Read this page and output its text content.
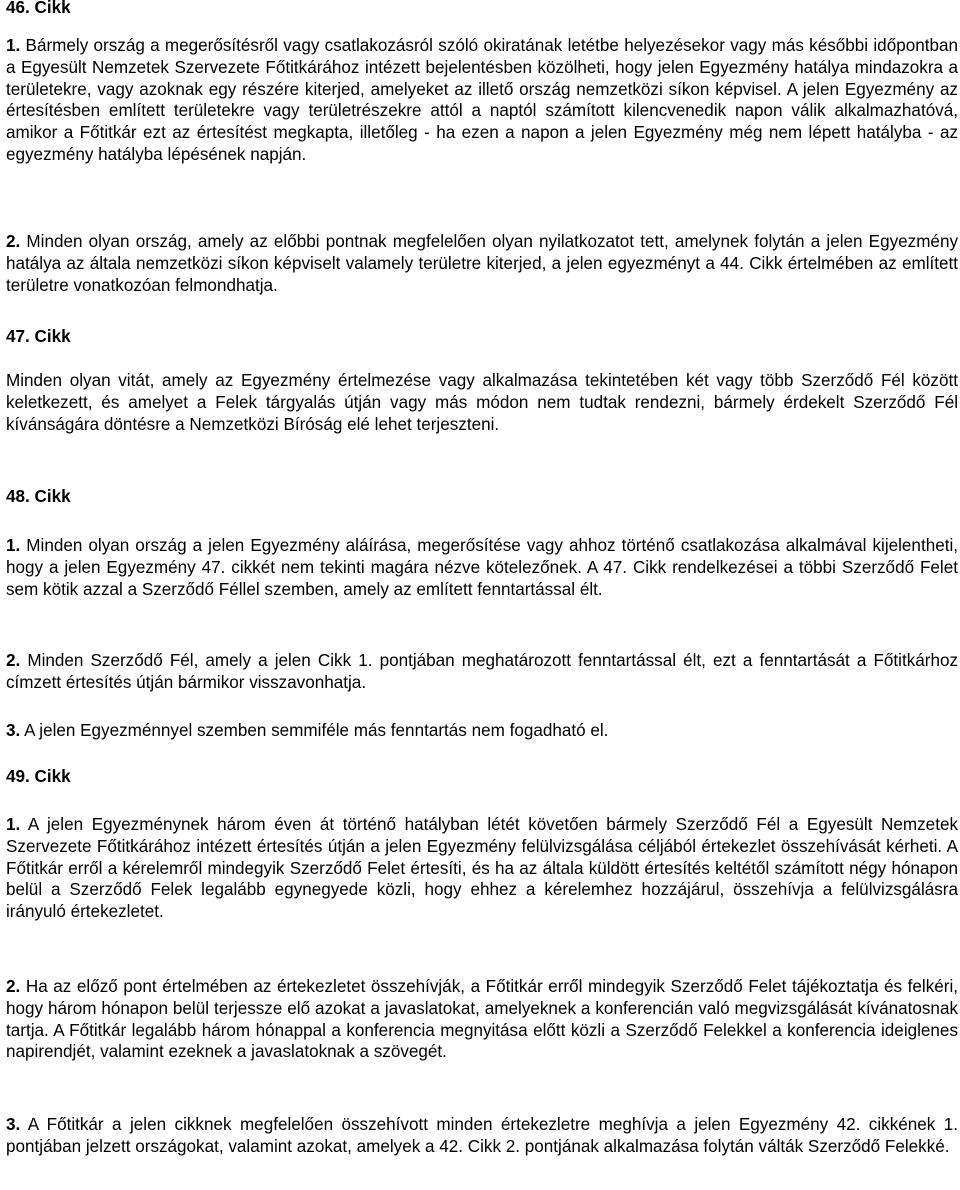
46. Cikk

1. Bármely ország a megerősítésről vagy csatlakozásról szóló okiratának letétbe helyezésekor vagy más későbbi időpontban a Egyesült Nemzetek Szervezete Főtitkárához intézett bejelentésben közölheti, hogy jelen Egyezmény hatálya mindazokra a területekre, vagy azoknak egy részére kiterjed, amelyeket az illető ország nemzetközi síkon képvisel. A jelen Egyezmény az értesítésben említett területekre vagy területrészekre attól a naptól számított kilencvenedik napon válik alkalmazhatóvá, amikor a Főtitkár ezt az értesítést megkapta, illetőleg - ha ezen a napon a jelen Egyezmény még nem lépett hatályba - az egyezmény hatályba lépésének napján.

2. Minden olyan ország, amely az előbbi pontnak megfelelően olyan nyilatkozatot tett, amelynek folytán a jelen Egyezmény hatálya az általa nemzetközi síkon képviselt valamely területre kiterjed, a jelen egyezményt a 44. Cikk értelmében az említett területre vonatkozóan felmondhatja.

47. Cikk

Minden olyan vitát, amely az Egyezmény értelmezése vagy alkalmazása tekintetében két vagy több Szerződő Fél között keletkezett, és amelyet a Felek tárgyalás útján vagy más módon nem tudtak rendezni, bármely érdekelt Szerződő Fél kívánságára döntésre a Nemzetközi Bíróság elé lehet terjeszteni.

48. Cikk

1. Minden olyan ország a jelen Egyezmény aláírása, megerősítése vagy ahhoz történő csatlakozása alkalmával kijelentheti, hogy a jelen Egyezmény 47. cikkét nem tekinti magára nézve kötelezőnek. A 47. Cikk rendelkezései a többi Szerződő Felet sem kötik azzal a Szerződő Féllel szemben, amely az említett fenntartással élt.

2. Minden Szerződő Fél, amely a jelen Cikk 1. pontjában meghatározott fenntartással élt, ezt a fenntartását a Főtitkárhoz címzett értesítés útján bármikor visszavonhatja.

3. A jelen Egyezménnyel szemben semmiféle más fenntartás nem fogadható el.

49. Cikk

1. A jelen Egyezménynek három éven át történő hatályban létét követően bármely Szerződő Fél a Egyesült Nemzetek Szervezete Főtitkárához intézett értesítés útján a jelen Egyezmény felülvizsgálása céljából értekezlet összehívását kérheti. A Főtitkár erről a kérelemről mindegyik Szerződő Felet értesíti, és ha az általa küldött értesítés keltétől számított négy hónapon belül a Szerződő Felek legalább egynegyede közli, hogy ehhez a kérelemhez hozzájárul, összehívja a felülvizsgálásra irányuló értekezletet.

2. Ha az előző pont értelmében az értekezletet összehívják, a Főtitkár erről mindegyik Szerződő Felet tájékoztatja és felkéri, hogy három hónapon belül terjessze elő azokat a javaslatokat, amelyeknek a konferencián való megvizsgálását kívánatosnak tartja. A Főtitkár legalább három hónappal a konferencia megnyitása előtt közli a Szerződő Felekkel a konferencia ideiglenes napirendjét, valamint ezeknek a javaslatoknak a szövegét.

3. A Főtitkár a jelen cikknek megfelelően összehívott minden értekezletre meghívja a jelen Egyezmény 42. cikkének 1. pontjában jelzett országokat, valamint azokat, amelyek a 42. Cikk 2. pontjának alkalmazása folytán válták Szerződő Felekké.
